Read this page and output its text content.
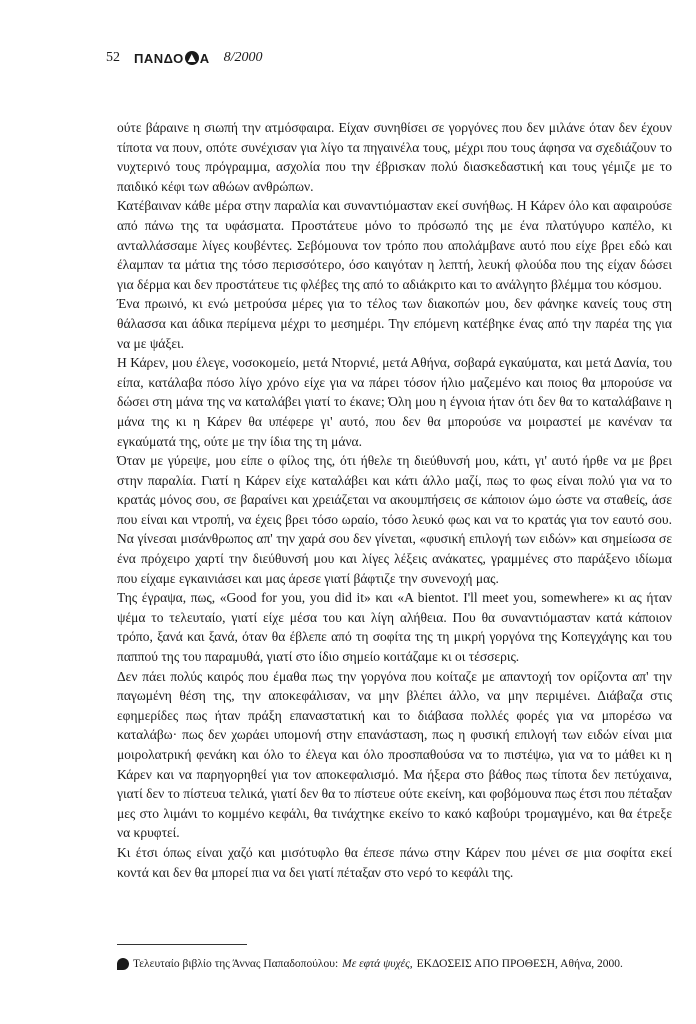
52 ΠΑΝΔΟ Α 8/2000

ούτε βάραινε η σιωπή την ατμόσφαιρα. Είχαν συνηθίσει σε γοργόνες που δεν μιλάνε όταν δεν έχουν τίποτα να πουν, οπότε συνέχισαν για λίγο τα πηγαινέλα τους, μέχρι που τους άφησα να σχεδιάζουν το νυχτερινό τους πρόγραμμα, ασχολία που την έβρισκαν πολύ διασκεδαστική και τους γέμιζε με το παιδικό κέφι των αθώων ανθρώπων.

Κατέβαιναν κάθε μέρα στην παραλία και συναντιόμασταν εκεί συνήθως. Η Κάρεν όλο και αφαιρούσε από πάνω της τα υφάσματα. Προστάτευε μόνο το πρόσωπό της με ένα πλατύγυρο καπέλο, κι ανταλλάσσαμε λίγες κουβέντες. Σεβόμουνα τον τρόπο που απολάμβανε αυτό που είχε βρει εδώ και έλαμπαν τα μάτια της τόσο περισσότερο, όσο καιγόταν η λεπτή, λευκή φλούδα που της είχαν δώσει για δέρμα και δεν προστάτευε τις φλέβες της από το αδιάκριτο και το ανάλγητο βλέμμα του κόσμου.

Ένα πρωινό, κι ενώ μετρούσα μέρες για το τέλος των διακοπών μου, δεν φάνηκε κανείς τους στη θάλασσα και άδικα περίμενα μέχρι το μεσημέρι. Την επόμενη κατέβηκε ένας από την παρέα της για να με ψάξει.

Η Κάρεν, μου έλεγε, νοσοκομείο, μετά Ντορνιέ, μετά Αθήνα, σοβαρά εγκαύματα, και μετά Δανία, του είπα, κατάλαβα πόσο λίγο χρόνο είχε για να πάρει τόσον ήλιο μαζεμένο και ποιος θα μπορούσε να δώσει στη μάνα της να καταλάβει γιατί το έκανε; Όλη μου η έγνοια ήταν ότι δεν θα το καταλάβαινε η μάνα της κι η Κάρεν θα υπέφερε γι' αυτό, που δεν θα μπορούσε να μοιραστεί με κανέναν τα εγκαύματά της, ούτε με την ίδια της τη μάνα.

Όταν με γύρεψε, μου είπε ο φίλος της, ότι ήθελε τη διεύθυνσή μου, κάτι, γι' αυτό ήρθε να με βρει στην παραλία. Γιατί η Κάρεν είχε καταλάβει και κάτι άλλο μαζί, πως το φως είναι πολύ για να το κρατάς μόνος σου, σε βαραίνει και χρειάζεται να ακουμπήσεις σε κάποιον ώμο ώστε να σταθείς, άσε που είναι και ντροπή, να έχεις βρει τόσο ωραίο, τόσο λευκό φως και να το κρατάς για τον εαυτό σου. Να γίνεσαι μισάνθρωπος απ' την χαρά σου δεν γίνεται, «φυσική επιλογή των ειδών» και σημείωσα σε ένα πρόχειρο χαρτί την διεύθυνσή μου και λίγες λέξεις ανάκατες, γραμμένες στο παράξενο ιδίωμα που είχαμε εγκαινιάσει και μας άρεσε γιατί βάφτιζε την συνενοχή μας.

Της έγραψα, πως, «Good for you, you did it» και «A bientot. I'll meet you, somewhere» κι ας ήταν ψέμα το τελευταίο, γιατί είχε μέσα του και λίγη αλήθεια. Που θα συναντιόμασταν κατά κάποιον τρόπο, ξανά και ξανά, όταν θα έβλεπε από τη σοφίτα της τη μικρή γοργόνα της Κοπεγχάγης και του παππού της του παραμυθά, γιατί στο ίδιο σημείο κοιτάζαμε κι οι τέσσερις.

Δεν πάει πολύς καιρός που έμαθα πως την γοργόνα που κοίταζε με απαντοχή τον ορίζοντα απ' την παγωμένη θέση της, την αποκεφάλισαν, να μην βλέπει άλλο, να μην περιμένει. Διάβαζα στις εφημερίδες πως ήταν πράξη επαναστατική και το διάβασα πολλές φορές για να μπορέσω να καταλάβω· πως δεν χωράει υπομονή στην επανάσταση, πως η φυσική επιλογή των ειδών είναι μια μοιρολατρική φενάκη και όλο το έλεγα και όλο προσπαθούσα να το πιστέψω, για να το μάθει κι η Κάρεν και να παρηγορηθεί για τον αποκεφαλισμό. Μα ήξερα στο βάθος πως τίποτα δεν πετύχαινα, γιατί δεν το πίστευα τελικά, γιατί δεν θα το πίστευε ούτε εκείνη, και φοβόμουνα πως έτσι που πέταξαν μες στο λιμάνι το κομμένο κεφάλι, θα τινάχτηκε εκείνο το κακό καβούρι τρομαγμένο, και θα έτρεξε να κρυφτεί.

Κι έτσι όπως είναι χαζό και μισότυφλο θα έπεσε πάνω στην Κάρεν που μένει σε μια σοφίτα εκεί κοντά και δεν θα μπορεί πια να δει γιατί πέταξαν στο νερό το κεφάλι της.

Τελευταίο βιβλίο της Άννας Παπαδοπούλου: Με εφτά ψυχές, ΕΚΔΟΣΕΙΣ ΑΠΟ ΠΡΟΘΕΣΗ, Αθήνα, 2000.
